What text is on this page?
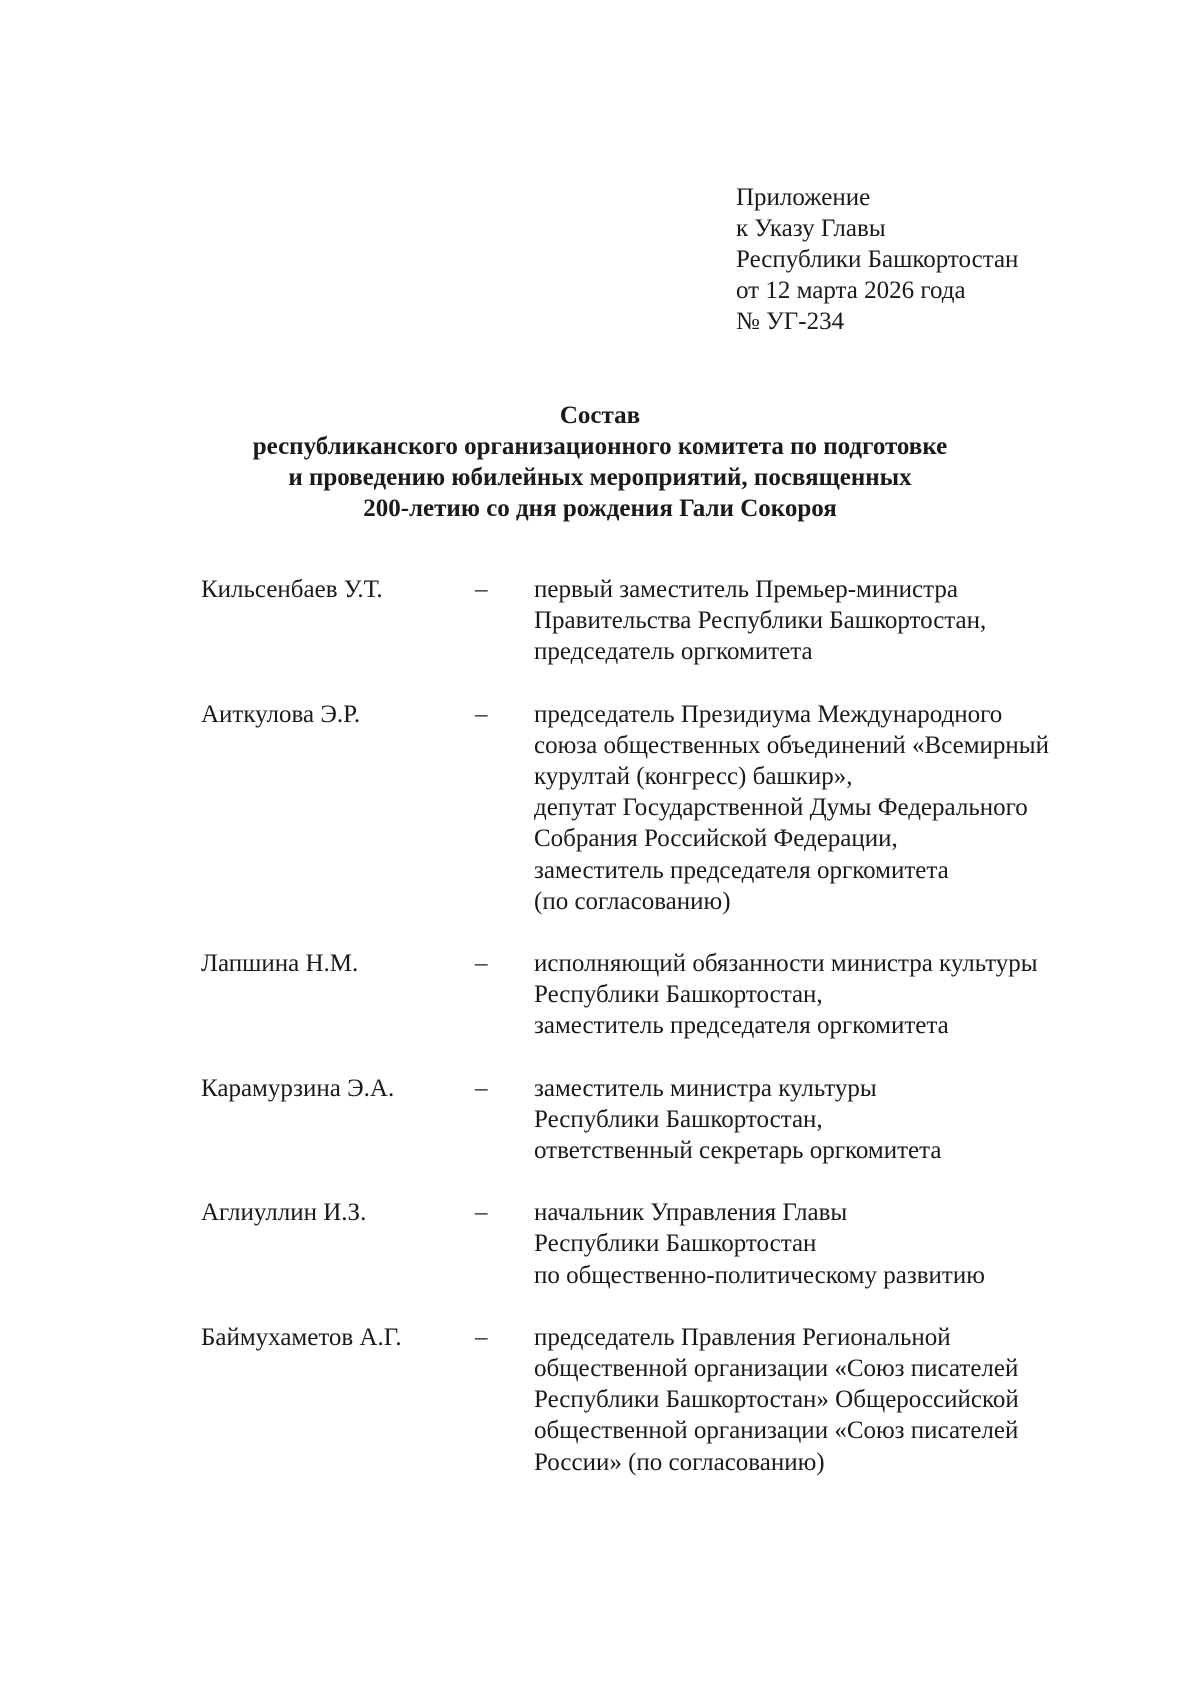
Приложение
к Указу Главы
Республики Башкортостан
от 12 марта 2026 года
№ УГ-234
Состав
республиканского организационного комитета по подготовке
и проведению юбилейных мероприятий, посвященных
200-летию со дня рождения Гали Сокороя
Кильсенбаев У.Т.	– первый заместитель Премьер-министра
Правительства Республики Башкортостан,
председатель оргкомитета
Аиткулова Э.Р.	– председатель Президиума Международного
союза общественных объединений «Всемирный
курултай (конгресс) башкир»,
депутат Государственной Думы Федерального
Собрания Российской Федерации,
заместитель председателя оргкомитета
(по согласованию)
Лапшина Н.М.	– исполняющий обязанности министра культуры
Республики Башкортостан,
заместитель председателя оргкомитета
Карамурзина Э.А.	– заместитель министра культуры
Республики Башкортостан,
ответственный секретарь оргкомитета
Аглиуллин И.З.	– начальник Управления Главы
Республики Башкортостан
по общественно-политическому развитию
Баймухаметов А.Г.	– председатель Правления Региональной
общественной организации «Союз писателей
Республики Башкортостан» Общероссийской
общественной организации «Союз писателей
России» (по согласованию)
